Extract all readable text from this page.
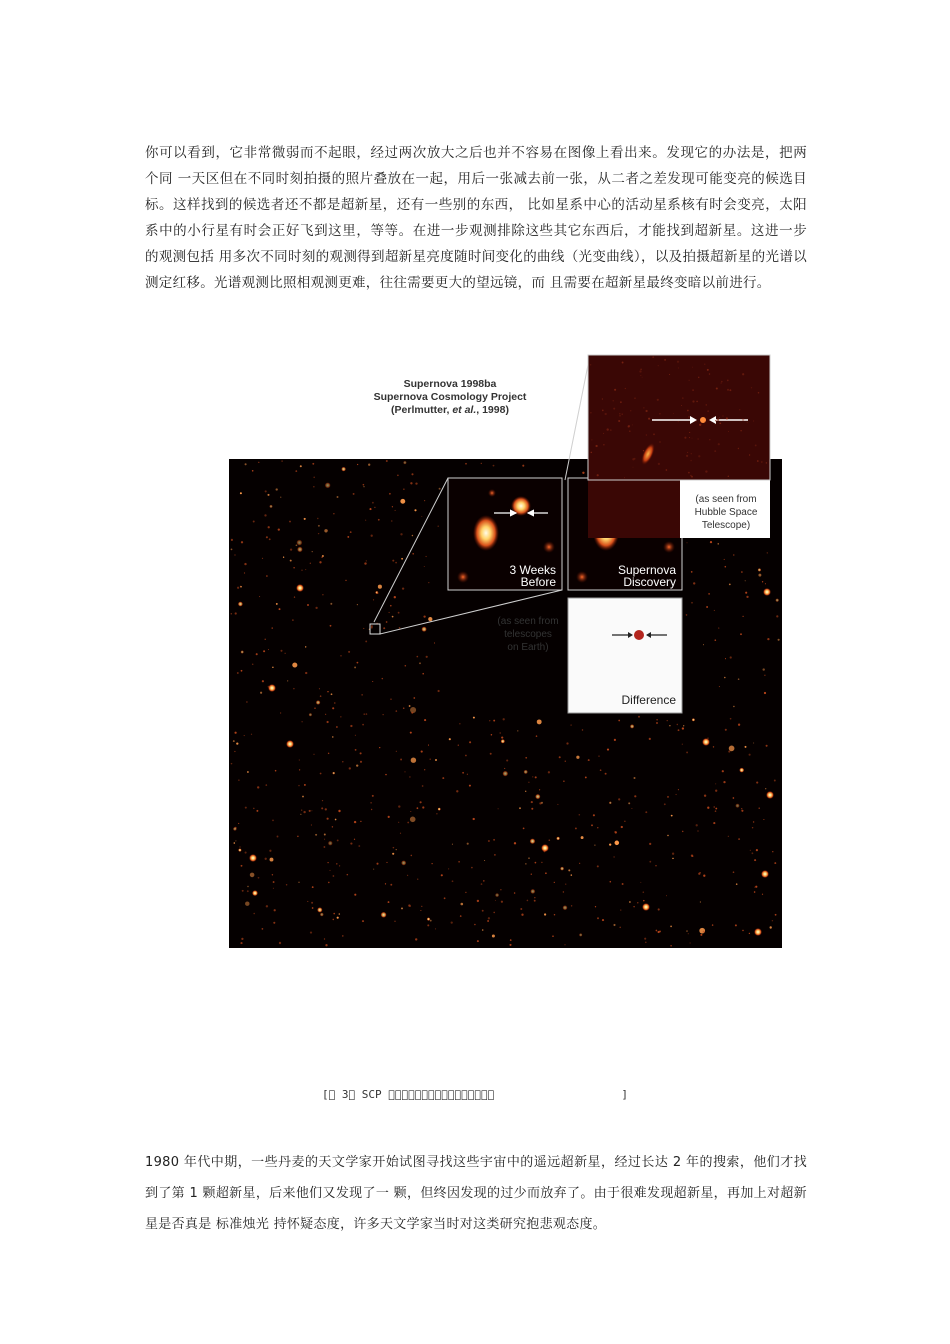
你可以看到，它非常微弱而不起眼，经过两次放大之后也并不容易在图像上看出来。发现它的办法是，把两个同 一天区但在不同时刻拍摄的照片叠放在一起，用后一张减去前一张，从二者之差发现可能变亮的候选目标。这样找到的候选者还不都是超新星，还有一些别的东西， 比如星系中心的活动星系核有时会变亮，太阳系中的小行星有时会正好飞到这里，等等。在进一步观测排除这些其它东西后，才能找到超新星。这进一步的观测包括 用多次不同时刻的观测得到超新星亮度随时间变化的曲线（光变曲线），以及拍摄超新星的光谱以测定红移。光谱观测比照相观测更难，往往需要更大的望远镜，而 且需要在超新星最终变暗以前进行。

Supernova 1998ba
Supernova Cosmology Project
(Perlmutter, et al., 1998)
3 Weeks
Before
Supernova
Discovery
Difference
(as seen from
telescopes
on Earth)
(as seen from
Hubble Space
Telescope)
[  3  SCP                 	]

1980 年代中期，一些丹麦的天文学家开始试图寻找这些宇宙中的遥远超新星，经过长达 2 年的搜索，他们才找到了第 1 颗超新星，后来他们又发现了一 颗，但终因发现的过少而放弃了。由于很难发现超新星，再加上对超新星是否真是 标准烛光 持怀疑态度，许多天文学家当时对这类研究抱悲观态度。
